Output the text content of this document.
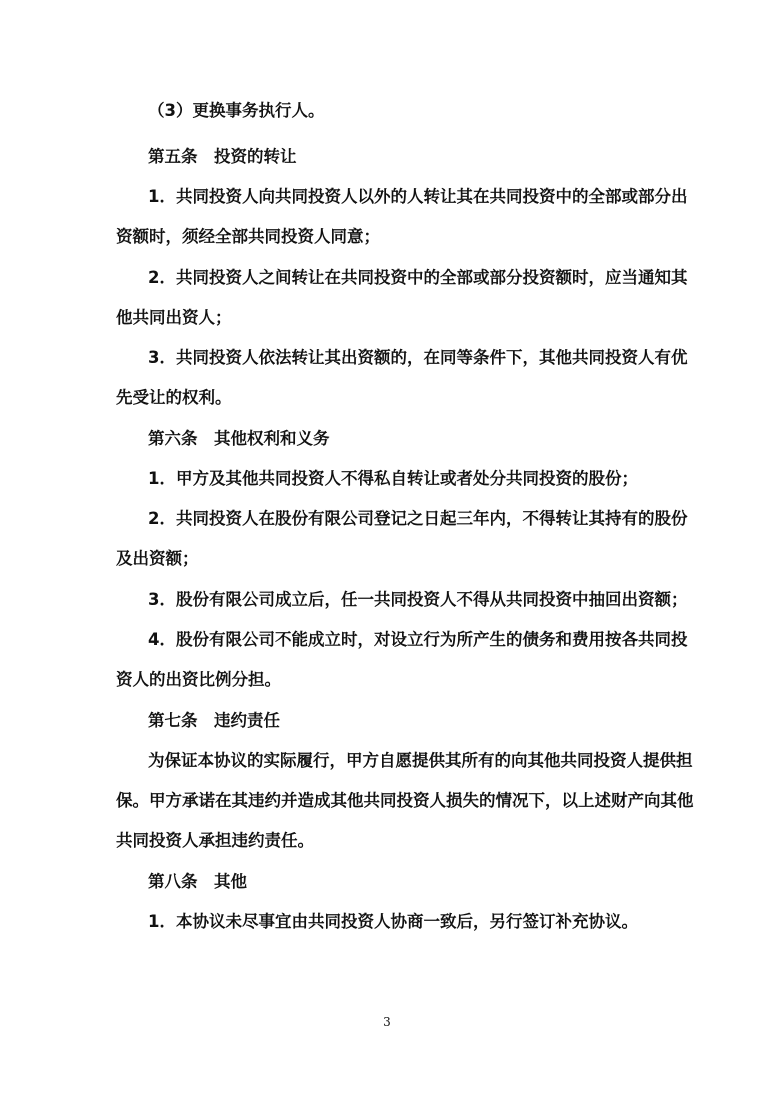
（3）更换事务执行人。
第五条　投资的转让
1．共同投资人向共同投资人以外的人转让其在共同投资中的全部或部分出
资额时，须经全部共同投资人同意；
2．共同投资人之间转让在共同投资中的全部或部分投资额时，应当通知其
他共同出资人；
3．共同投资人依法转让其出资额的，在同等条件下，其他共同投资人有优
先受让的权利。
第六条　其他权利和义务
1．甲方及其他共同投资人不得私自转让或者处分共同投资的股份；
2．共同投资人在股份有限公司登记之日起三年内，不得转让其持有的股份
及出资额；
3．股份有限公司成立后，任一共同投资人不得从共同投资中抽回出资额；
4．股份有限公司不能成立时，对设立行为所产生的债务和费用按各共同投
资人的出资比例分担。
第七条　违约责任
为保证本协议的实际履行，甲方自愿提供其所有的向其他共同投资人提供担
保。甲方承诺在其违约并造成其他共同投资人损失的情况下，以上述财产向其他
共同投资人承担违约责任。
第八条　其他
1．本协议未尽事宜由共同投资人协商一致后，另行签订补充协议。
3
